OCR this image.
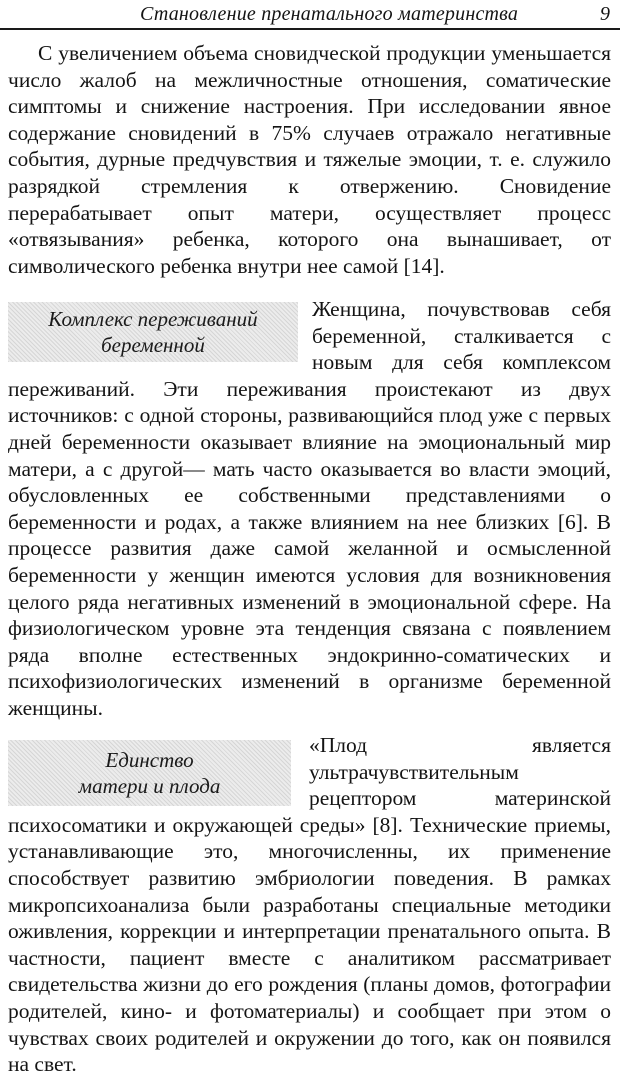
Становление пренатального материнства	9
С увеличением объема сновидческой продукции уменьшается число жалоб на межличностные отношения, соматические симптомы и снижение настроения. При исследовании явное содержание сновидений в 75% случаев отражало негативные события, дурные предчувствия и тяжелые эмоции, т. е. служило разрядкой стремления к отвержению. Сновидение перерабатывает опыт матери, осуществляет процесс «отвязывания» ребенка, которого она вынашивает, от символического ребенка внутри нее самой [14].
Комплекс переживаний
беременной
Женщина, почувствовав себя беременной, сталкивается с новым для себя комплексом переживаний. Эти переживания проистекают из двух источников: с одной стороны, развивающийся плод уже с первых дней беременности оказывает влияние на эмоциональный мир матери, а с другой— мать часто оказывается во власти эмоций, обусловленных ее собственными представлениями о беременности и родах, а также влиянием на нее близких [6]. В процессе развития даже самой желанной и осмысленной беременности у женщин имеются условия для возникновения целого ряда негативных изменений в эмоциональной сфере. На физиологическом уровне эта тенденция связана с появлением ряда вполне естественных эндокринно-соматических и психофизиологических изменений в организме беременной женщины.
Единство
матери и плода
«Плод является ультрачувствительным рецептором материнской психосоматики и окружающей среды» [8]. Технические приемы, устанавливающие это, многочисленны, их применение способствует развитию эмбриологии поведения. В рамках микропсихоанализа были разработаны специальные методики оживления, коррекции и интерпретации пренатального опыта. В частности, пациент вместе с аналитиком рассматривает свидетельства жизни до его рождения (планы домов, фотографии родителей, кино- и фотоматериалы) и сообщает при этом о чувствах своих родителей и окружении до того, как он появился на свет.
